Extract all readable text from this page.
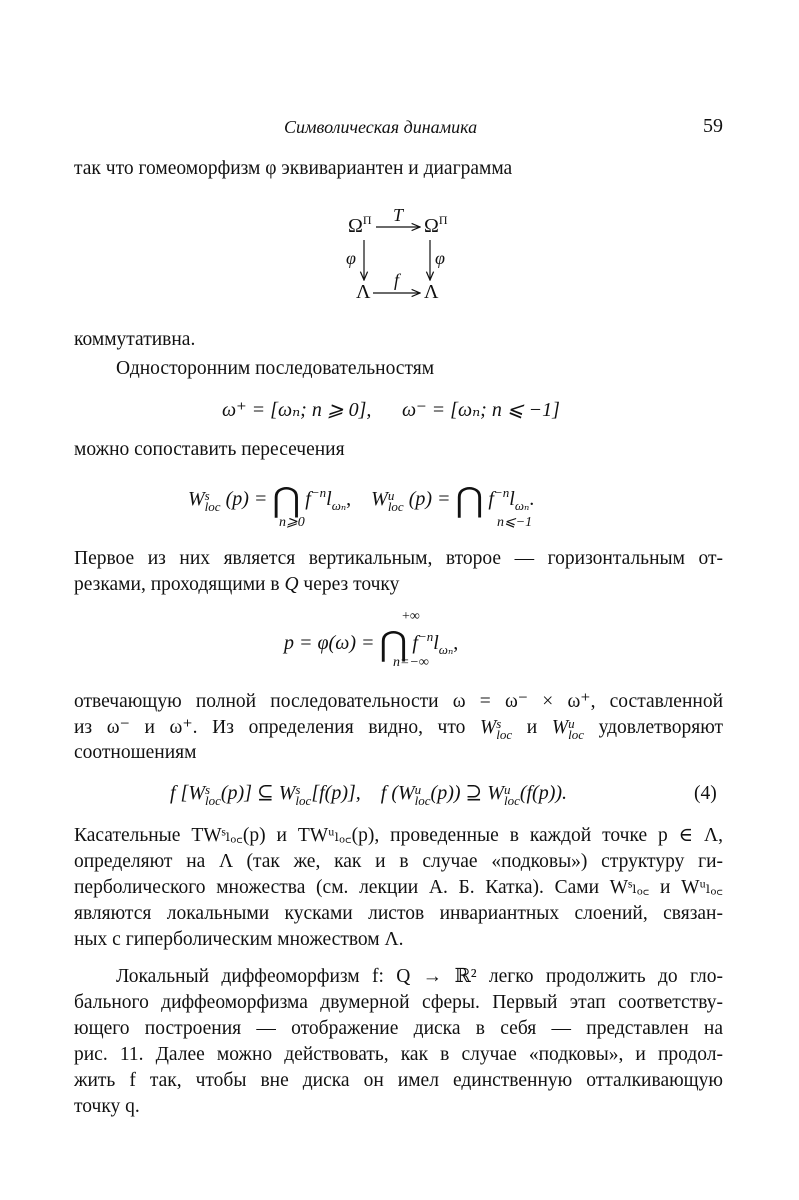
Символическая динамика	59
так что гомеоморфизм φ эквивариантен и диаграмма
$\Omega^\Pi$	$\Omega^\Pi$
T
φ	φ
Λ	Λ
f
коммутативна.
Односторонним последовательностям
ω⁺ = [ωₙ; n ⩾ 0], ω⁻ = [ωₙ; n ⩽ −1]
можно сопоставить пересечения
Ws
loc (p) = ⋂ $f^{-n}l_{\omega_n}$,    Wu
loc (p) = ⋂ $f^{-n}l_{\omega_n}$.
n⩾0	n⩽−1
Первое из них является вертикальным, второе — горизонтальным от-
резками, проходящими в Q через точку
+∞
p = φ(ω) = ⋂ $f^{-n}l_{\omega_n}$,
n=−∞
отвечающую полной последовательности ω = ω⁻ × ω⁺, составленной
из ω⁻ и ω⁺. Из определения видно, что Ws
loc и Wu
loc удовлетворяют
соотношениям
f [Ws
loc(p)] ⊆ Ws
loc[f(p)], f (Wu
loc(p)) ⊇ Wu
loc(f(p)).	(4)
Касательные TWˢₗₒ꜀(p) и TWᵘₗₒ꜀(p), проведенные в каждой точке p ∈ Λ,
определяют на Λ (так же, как и в случае «подковы») структуру ги-
перболического множества (см. лекции А. Б. Катка). Сами Wˢₗₒ꜀ и Wᵘₗₒ꜀
являются локальными кусками листов инвариантных слоений, связан-
ных с гиперболическим множеством Λ.
Локальный диффеоморфизм f: Q → ℝ² легко продолжить до гло-
бального диффеоморфизма двумерной сферы. Первый этап соответству-
ющего построения — отображение диска в себя — представлен на
рис. 11. Далее можно действовать, как в случае «подковы», и продол-
жить f так, чтобы вне диска он имел единственную отталкивающую
точку q.
